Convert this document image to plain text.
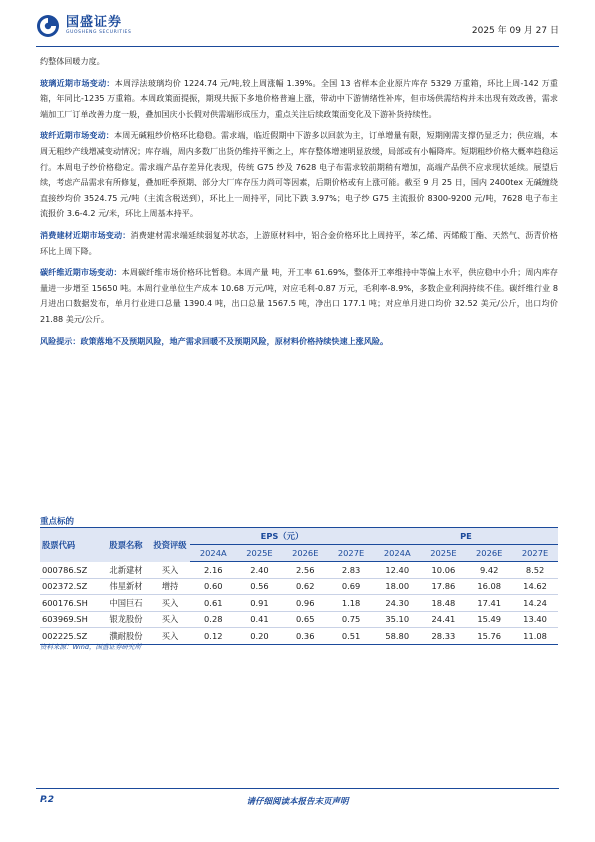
国盛证券
GUOSHENG SECURITIES	2025 年 09 月 27 日

约整体回暖力度。

玻璃近期市场变动：本周浮法玻璃均价 1224.74 元/吨,较上周涨幅 1.39%。全国 13 省样本企业原片库存 5329 万重箱，环比上周-142 万重箱，年同比-1235 万重箱。本周政策面提振，期现共振下多地价格普遍上涨，带动中下游情绪性补库，但市场供需结构并未出现有效改善，需求端加工厂订单改善力度一般，叠加国庆小长假对供需端形成压力，重点关注后续政策面变化及下游补货持续性。

玻纤近期市场变动：本周无碱粗纱价格环比稳稳。需求端，临近假期中下游多以回款为主，订单增量有限，短期刚需支撑仍显乏力；供应端，本周无粗纱产线增减变动情况；库存端，周内多数厂出货仍维持平衡之上，库存整体增速明显放缓，局部或有小幅降库。短期粗纱价格大概率趋稳运行。本周电子纱价格稳定。需求端产品存差异化表现，传统 G75 纱及 7628 电子布需求较前期稍有增加，高端产品供不应求现状延续。展望后续，考虑产品需求有所修复，叠加旺季预期、部分大厂库存压力尚可等因素，后期价格或有上涨可能。截至 9 月 25 日，国内 2400tex 无碱缠绕直接纱均价 3524.75 元/吨（主流含税送到），环比上一周持平，同比下跌 3.97%；电子纱 G75 主流报价 8300-9200 元/吨，7628 电子布主流报价 3.6-4.2 元/米，环比上周基本持平。

消费建材近期市场变动：消费建材需求端延续弱复苏状态，上游原材料中，铝合金价格环比上周持平，苯乙烯、丙烯酸丁酯、天然气、沥青价格环比上周下降。

碳纤维近期市场变动：本周碳纤维市场价格环比暂稳。本周产量 吨，开工率 61.69%，整体开工率维持中等偏上水平，供应稳中小升；周内库存量进一步增至 15650 吨。本周行业单位生产成本 10.68 万元/吨，对应毛利-0.87 万元，毛利率-8.9%，多数企业利润持续不佳。碳纤维行业 8 月进出口数据发布，单月行业进口总量 1390.4 吨，出口总量 1567.5 吨，净出口 177.1 吨；对应单月进口均价 32.52 美元/公斤，出口均价 21.88 美元/公斤。

风险提示：政策落地不及预期风险，地产需求回暖不及预期风险，原材料价格持续快速上涨风险。

重点标的
股票代码	股票名称	投资评级	EPS（元）				PE			
			2024A	2025E	2026E	2027E	2024A	2025E	2026E	2027E
000786.SZ	北新建材	买入	2.16	2.40	2.56	2.83	12.40	10.06	9.42	8.52
002372.SZ	伟星新材	增持	0.60	0.56	0.62	0.69	18.00	17.86	16.08	14.62
600176.SH	中国巨石	买入	0.61	0.91	0.96	1.18	24.30	18.48	17.41	14.24
603969.SH	银龙股份	买入	0.28	0.41	0.65	0.75	35.10	24.41	15.49	13.40
002225.SZ	濮耐股份	买入	0.12	0.20	0.36	0.51	58.80	28.33	15.76	11.08
资料来源：Wind，国盛证券研究所
P.2	请仔细阅读本报告末页声明
